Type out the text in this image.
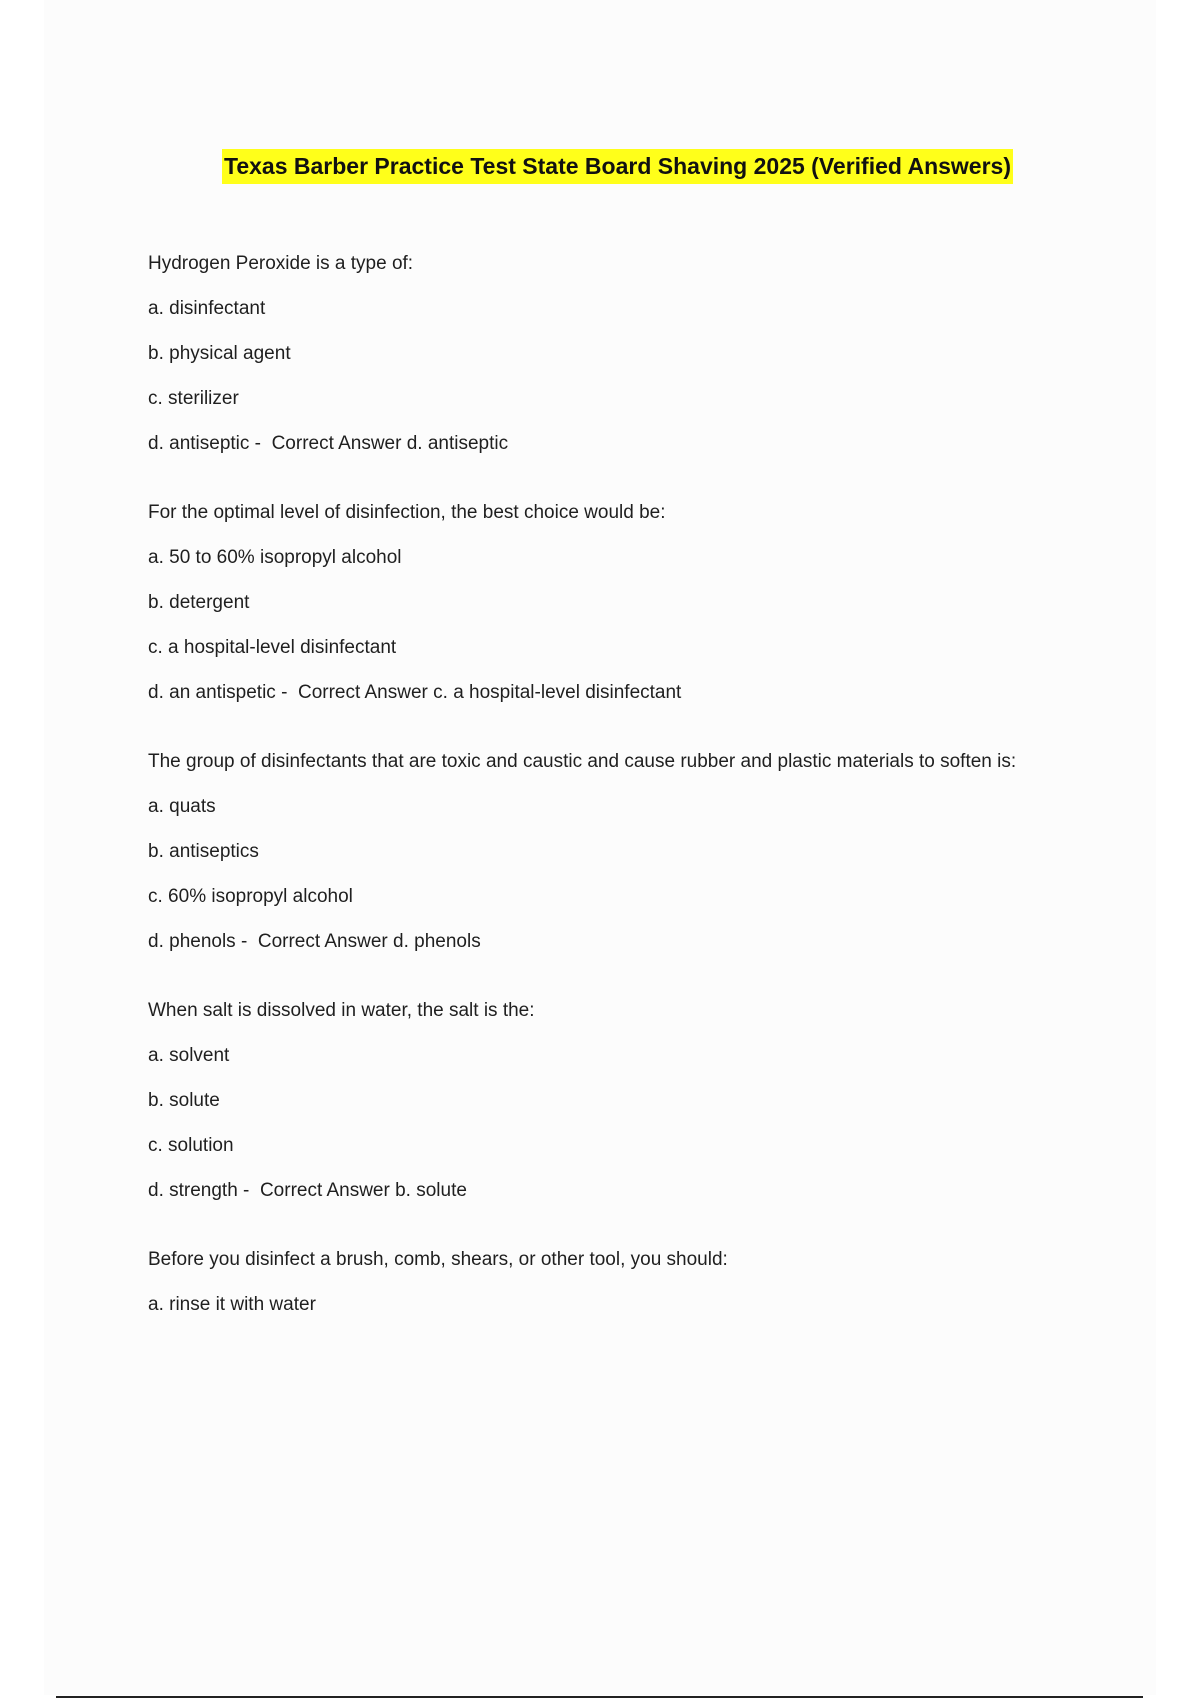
Texas Barber Practice Test State Board Shaving 2025 (Verified Answers)
Hydrogen Peroxide is a type of:
a. disinfectant
b. physical agent
c. sterilizer
d. antiseptic -  Correct Answer d. antiseptic
For the optimal level of disinfection, the best choice would be:
a. 50 to 60% isopropyl alcohol
b. detergent
c. a hospital-level disinfectant
d. an antispetic -  Correct Answer c. a hospital-level disinfectant
The group of disinfectants that are toxic and caustic and cause rubber and plastic materials to soften is:
a. quats
b. antiseptics
c. 60% isopropyl alcohol
d. phenols -  Correct Answer d. phenols
When salt is dissolved in water, the salt is the:
a. solvent
b. solute
c. solution
d. strength -  Correct Answer b. solute
Before you disinfect a brush, comb, shears, or other tool, you should:
a. rinse it with water
